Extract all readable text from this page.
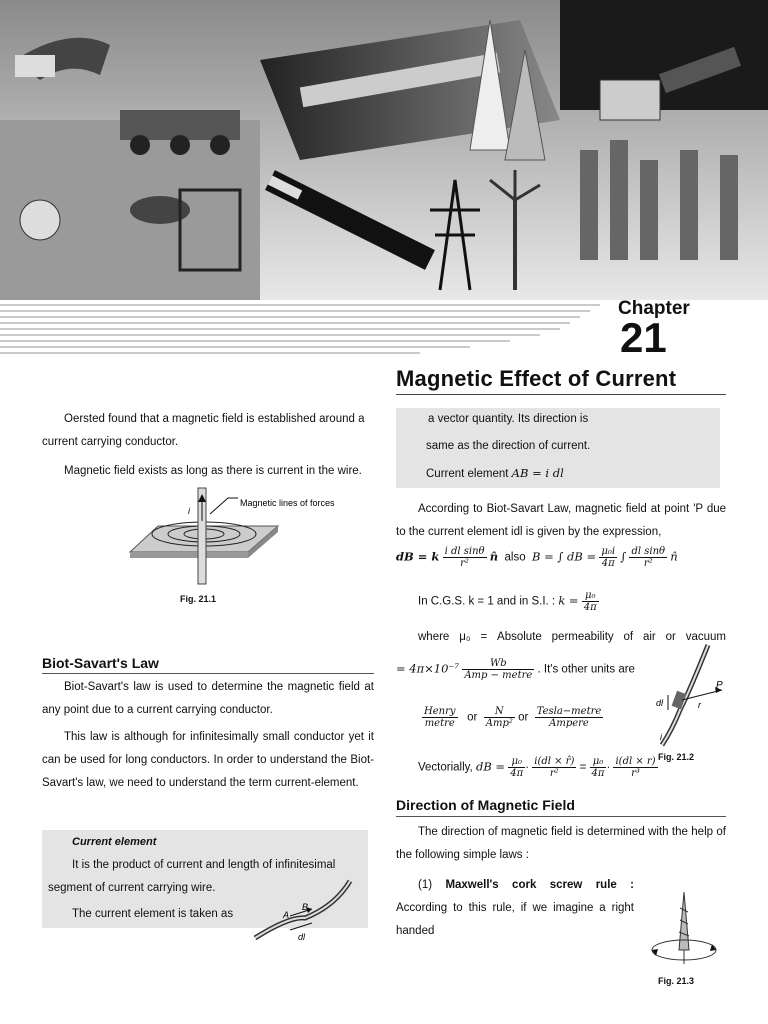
Chapter
21
Magnetic Effect of Current

Oersted found that a magnetic field is established around a current carrying conductor.

Magnetic field exists as long as there is current in the wire.

Magnetic lines of forces
i
Fig. 21.1
Biot-Savart's Law

Biot-Savart's law is used to determine the magnetic field at any point due to a current carrying conductor.

This law is although for infinitesimally small conductor yet it can be used for long conductors. In order to understand the Biot-Savart's law, we need to understand the term current-element.

Current element

It is the product of current and length of infinitesimal segment of current carrying wire.

The current element is taken as	A
B
dl

a vector quantity. Its direction is

same as the direction of current.

Current element AB = i dl

According to Biot-Savart Law, magnetic field at point 'P due to the current element idl is given by the expression,

dB = k $\frac{\text{i dl sinθ}}{\text{r²}}$ n̂ also B = ∫ dB = $\frac{\text{μ₀i}}{4\pi}$ ∫ $\frac{\text{dl sinθ}}{\text{r²}}$ n̂
In C.G.S. k = 1 and in S.I. : $k = \frac{\text{μ₀}}{4\pi}$

where μ₀ = Absolute permeability of air or vacuum

= $4\pi\times 10^{-7} \frac{Wb}{\text{Amp − metre}}$ . It's other units are
$\frac{\text{Henry}}{\text{metre}}$ or $\frac{N}{\text{Amp²}}$ or $\frac{\text{Tesla−metre}}{\text{Ampere}}$
Vectorially, dB = $\frac{\text{μ₀}}{4\pi} \cdot \frac{i(dl \times r̂)}{\text{r²}} = \frac{\text{μ₀}}{4\pi} \cdot \frac{i(dl \times r)}{\text{r³}}$
P
dl	r
i
Fig. 21.2
Direction of Magnetic Field

The direction of magnetic field is determined with the help of the following simple laws :

(1) Maxwell's cork screw rule : According to this rule, if we imagine a right handed

Fig. 21.3
